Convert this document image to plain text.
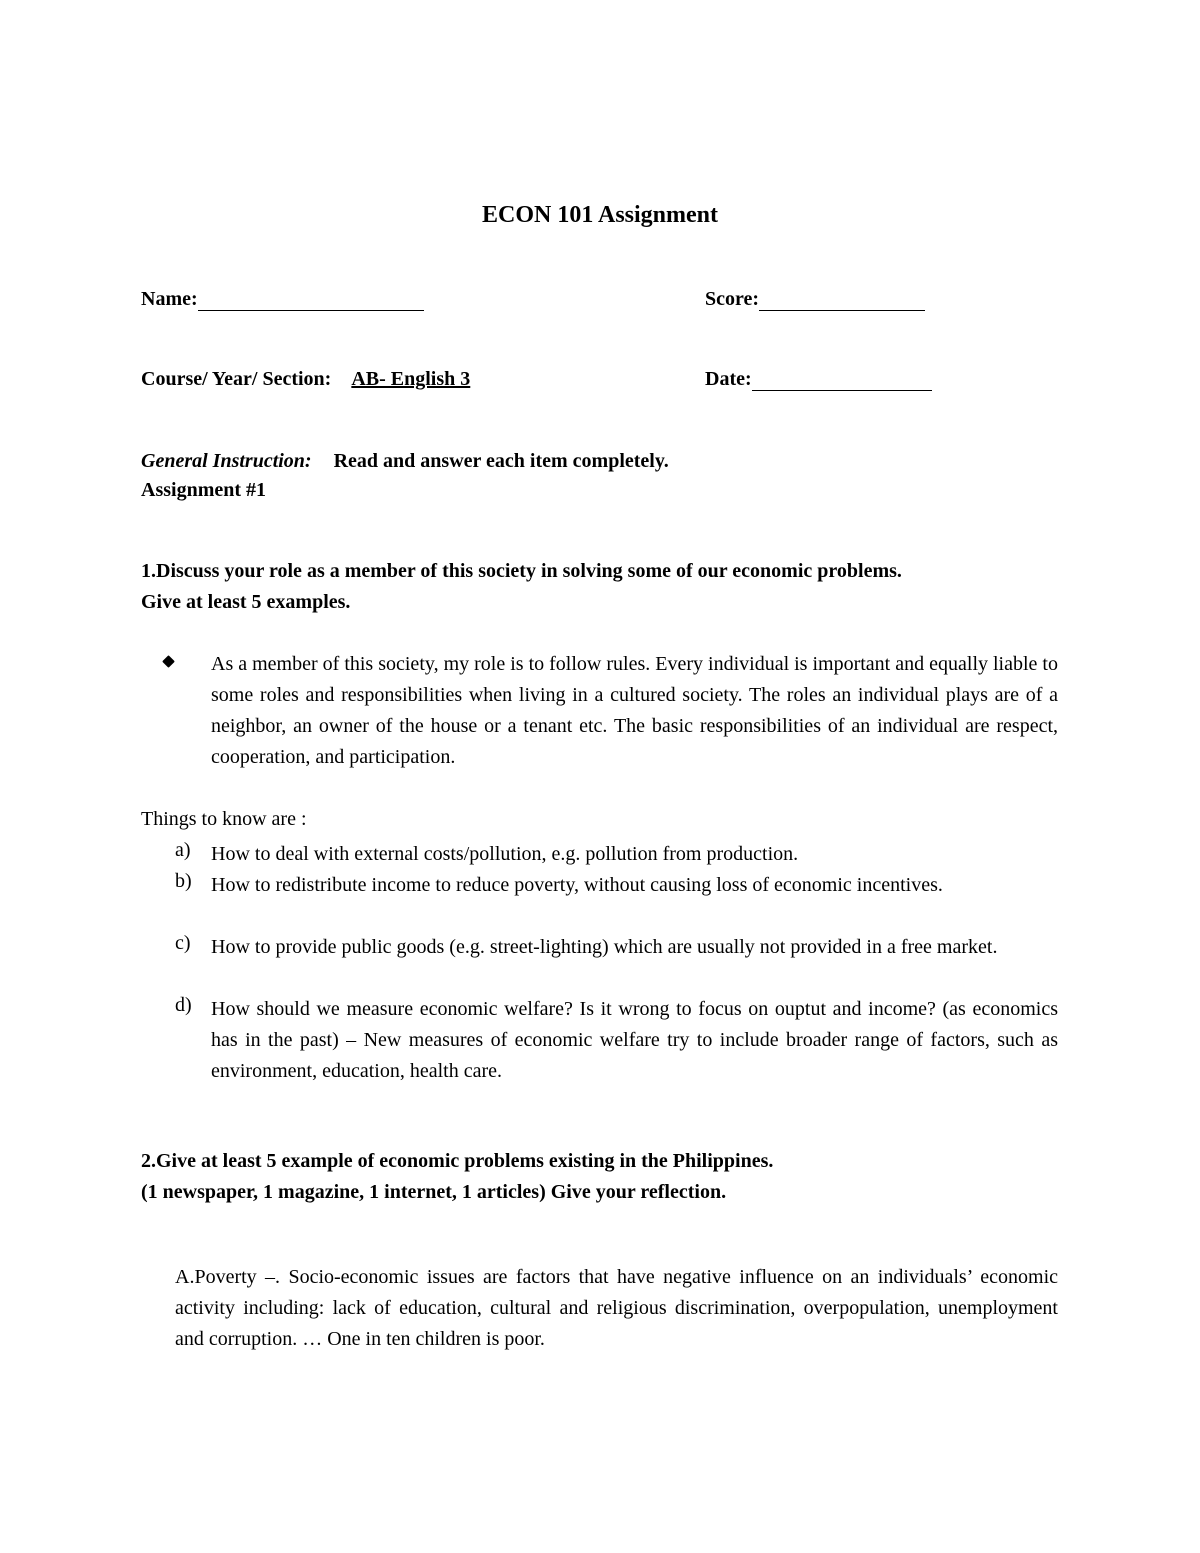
ECON 101 Assignment
Name:	Score:
Course/ Year/ Section: AB- English 3	Date:
General Instruction: Read and answer each item completely.
Assignment #1
1.Discuss your role as a member of this society in solving some of our economic problems.
Give at least 5 examples.
As a member of this society, my role is to follow rules. Every individual is important and equally liable to some roles and responsibilities when living in a cultured society. The roles an individual plays are of a neighbor, an owner of the house or a tenant etc. The basic responsibilities of an individual are respect, cooperation, and participation.
Things to know are :
a)	How to deal with external costs/pollution, e.g. pollution from production.
b) How to redistribute income to reduce poverty, without causing loss of economic incentives.
c)	How to provide public goods (e.g. street-lighting) which are usually not provided in a free market.
d) How should we measure economic welfare? Is it wrong to focus on ouptut and income? (as economics has in the past) – New measures of economic welfare try to include broader range of factors, such as environment, education, health care.
2.Give at least 5 example of economic problems existing in the Philippines.
(1 newspaper, 1 magazine, 1 internet, 1 articles) Give your reflection.
A.Poverty –. Socio-economic issues are factors that have negative influence on an individuals’ economic activity including: lack of education, cultural and religious discrimination, overpopulation, unemployment and corruption. … One in ten children is poor.
